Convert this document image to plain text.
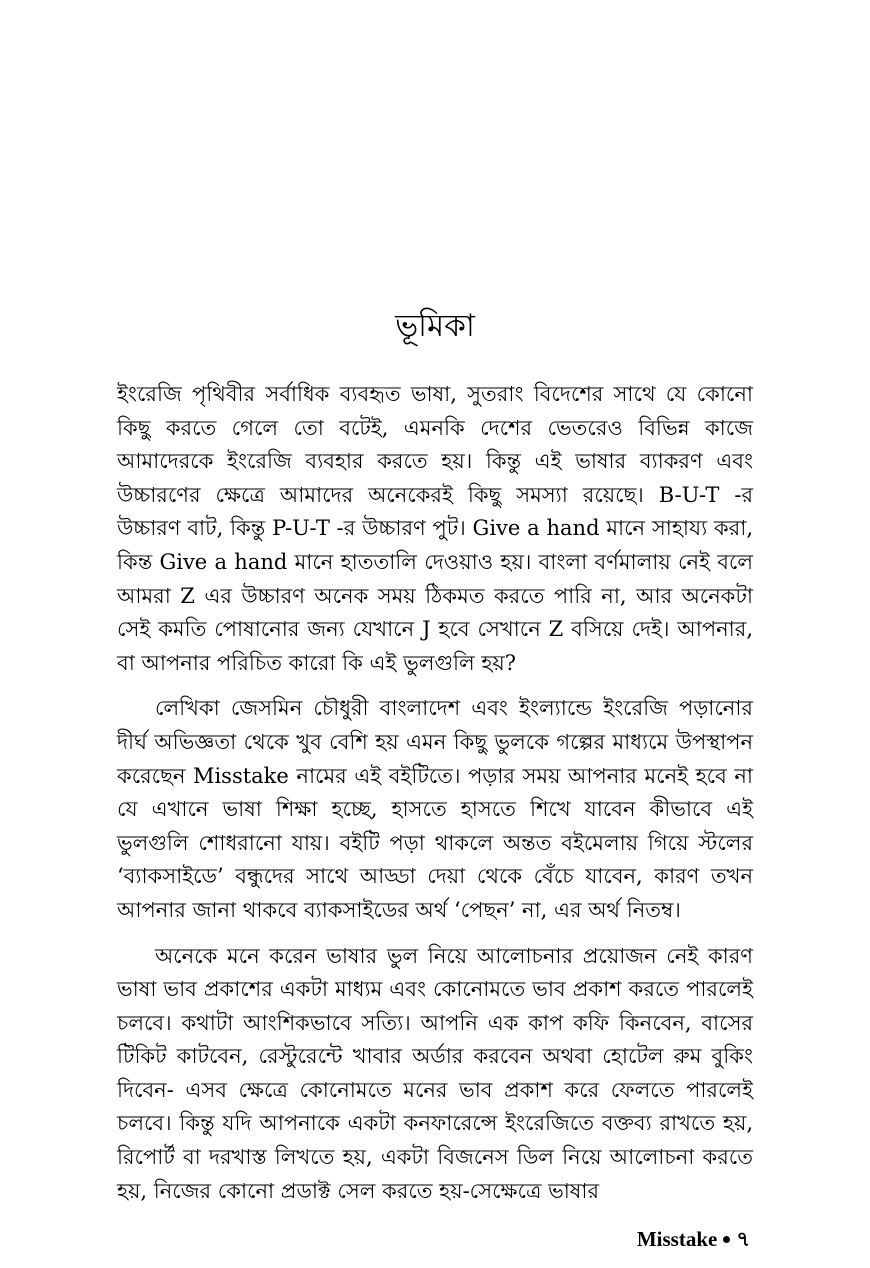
ভূমিকা

ইংরেজি পৃথিবীর সর্বাধিক ব্যবহৃত ভাষা, সুতরাং বিদেশের সাথে যে কোনো কিছু করতে গেলে তো বটেই, এমনকি দেশের ভেতরেও বিভিন্ন কাজে আমাদেরকে ইংরেজি ব্যবহার করতে হয়। কিন্তু এই ভাষার ব্যাকরণ এবং উচ্চারণের ক্ষেত্রে আমাদের অনেকেরই কিছু সমস্যা রয়েছে। B-U-T -র উচ্চারণ বাট, কিন্তু P-U-T -র উচ্চারণ পুট। Give a hand মানে সাহায্য করা, কিন্ত Give a hand মানে হাততালি দেওয়াও হয়। বাংলা বর্ণমালায় নেই বলে আমরা Z এর উচ্চারণ অনেক সময় ঠিকমত করতে পারি না, আর অনেকটা সেই কমতি পোষানোর জন্য যেখানে J হবে সেখানে Z বসিয়ে দেই। আপনার, বা আপনার পরিচিত কারো কি এই ভুলগুলি হয়?

লেখিকা জেসমিন চৌধুরী বাংলাদেশ এবং ইংল্যান্ডে ইংরেজি পড়ানোর দীর্ঘ অভিজ্ঞতা থেকে খুব বেশি হয় এমন কিছু ভুলকে গল্পের মাধ্যমে উপস্থাপন করেছেন Misstake নামের এই বইটিতে। পড়ার সময় আপনার মনেই হবে না যে এখানে ভাষা শিক্ষা হচ্ছে, হাসতে হাসতে শিখে যাবেন কীভাবে এই ভুলগুলি শোধরানো যায়। বইটি পড়া থাকলে অন্তত বইমেলায় গিয়ে স্টলের ‘ব্যাকসাইডে’ বন্ধুদের সাথে আড্ডা দেয়া থেকে বেঁচে যাবেন, কারণ তখন আপনার জানা থাকবে ব্যাকসাইডের অর্থ ‘পেছন’ না, এর অর্থ নিতম্ব।

অনেকে মনে করেন ভাষার ভুল নিয়ে আলোচনার প্রয়োজন নেই কারণ ভাষা ভাব প্রকাশের একটা মাধ্যম এবং কোনোমতে ভাব প্রকাশ করতে পারলেই চলবে। কথাটা আংশিকভাবে সত্যি। আপনি এক কাপ কফি কিনবেন, বাসের টিকিট কাটবেন, রেস্টুরেন্টে খাবার অর্ডার করবেন অথবা হোটেল রুম বুকিং দিবেন- এসব ক্ষেত্রে কোনোমতে মনের ভাব প্রকাশ করে ফেলতে পারলেই চলবে। কিন্তু যদি আপনাকে একটা কনফারেন্সে ইংরেজিতে বক্তব্য রাখতে হয়, রিপোর্ট বা দরখাস্ত লিখতে হয়, একটা বিজনেস ডিল নিয়ে আলোচনা করতে হয়, নিজের কোনো প্রডাক্ট সেল করতে হয়-সেক্ষেত্রে ভাষার

Misstake ৭
